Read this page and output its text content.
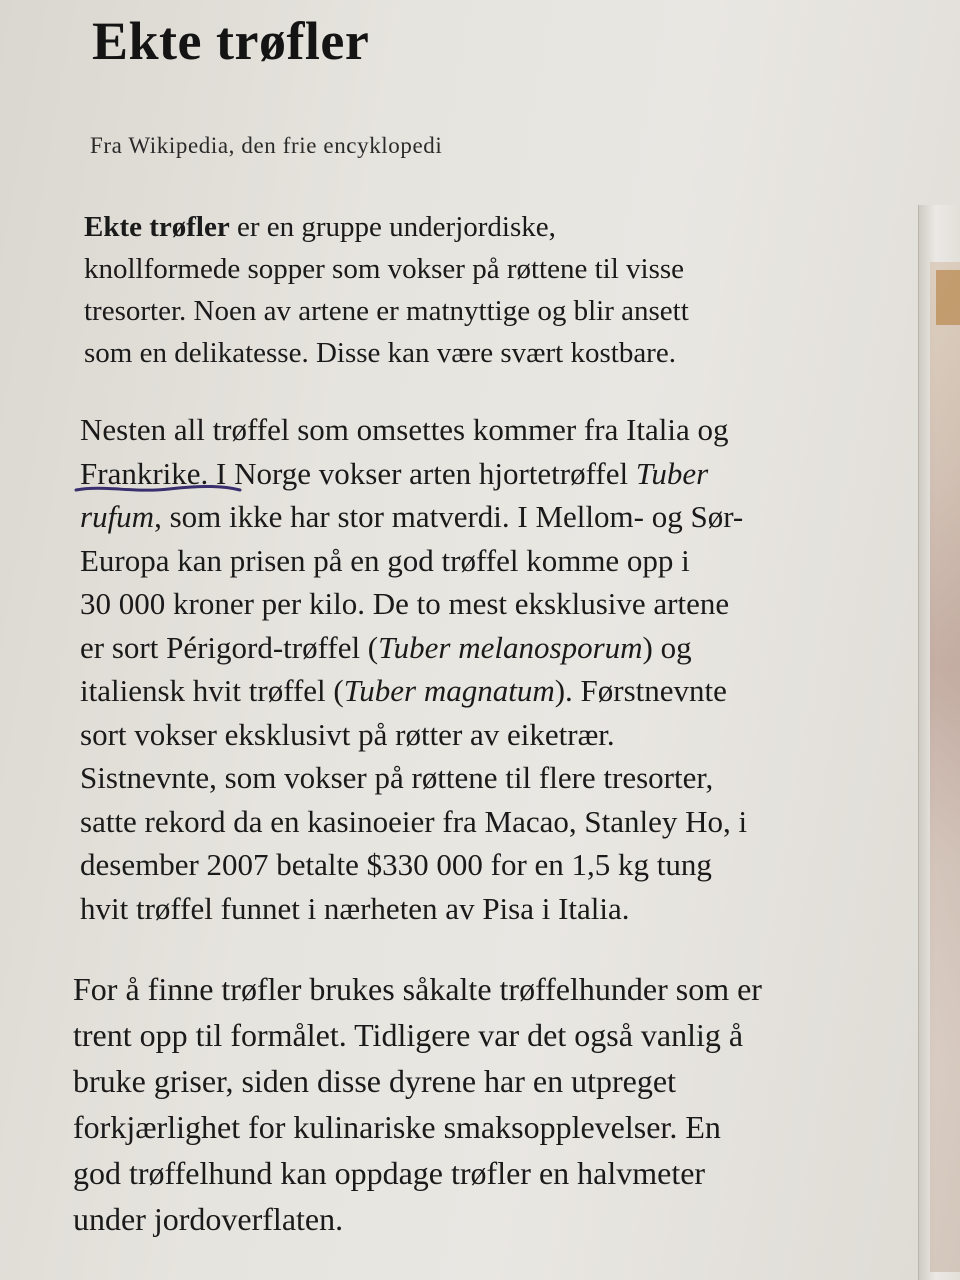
Ekte trøfler
Fra Wikipedia, den frie encyklopedi

Ekte trøfler er en gruppe underjordiske,
knollformede sopper som vokser på røttene til visse
tresorter. Noen av artene er matnyttige og blir ansett
som en delikatesse. Disse kan være svært kostbare.

Nesten all trøffel som omsettes kommer fra Italia og
Frankrike. I Norge vokser arten hjortetrøffel Tuber
rufum, som ikke har stor matverdi. I Mellom- og Sør-
Europa kan prisen på en god trøffel komme opp i
30 000 kroner per kilo. De to mest eksklusive artene
er sort Périgord-trøffel (Tuber melanosporum) og
italiensk hvit trøffel (Tuber magnatum). Førstnevnte
sort vokser eksklusivt på røtter av eiketrær.
Sistnevnte, som vokser på røttene til flere tresorter,
satte rekord da en kasinoeier fra Macao, Stanley Ho, i
desember 2007 betalte $330 000 for en 1,5 kg tung
hvit trøffel funnet i nærheten av Pisa i Italia.

For å finne trøfler brukes såkalte trøffelhunder som er
trent opp til formålet. Tidligere var det også vanlig å
bruke griser, siden disse dyrene har en utpreget
forkjærlighet for kulinariske smaksopplevelser. En
god trøffelhund kan oppdage trøfler en halvmeter
under jordoverflaten.
